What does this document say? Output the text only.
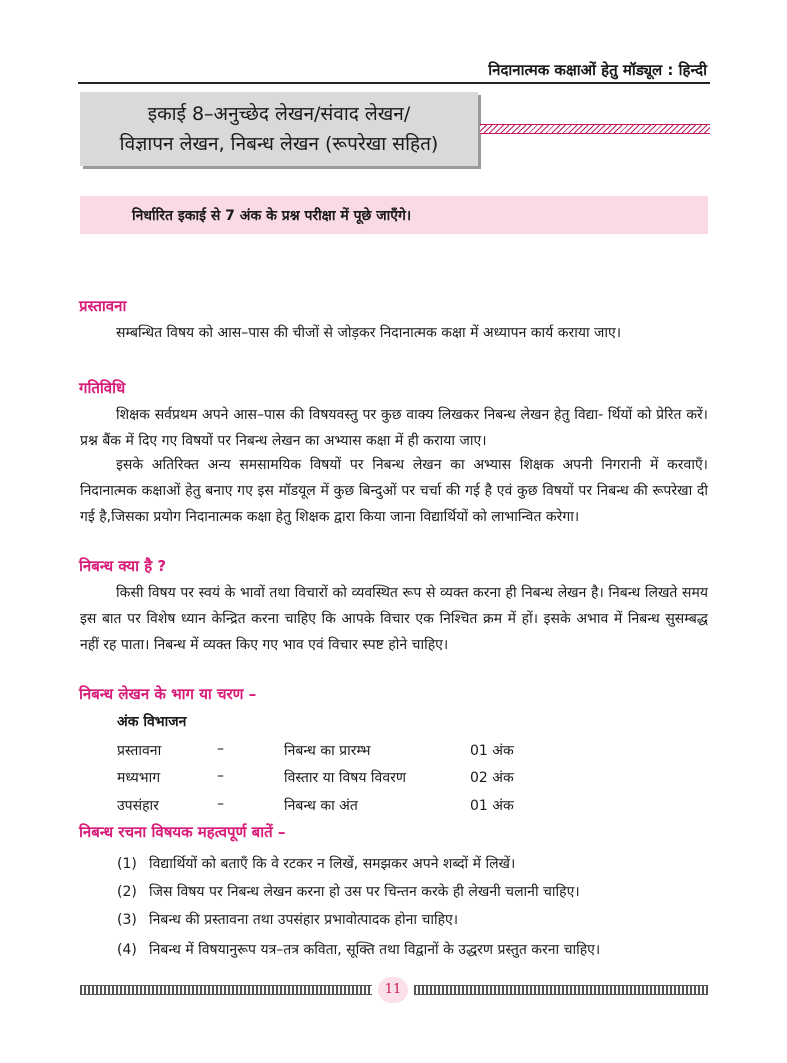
निदानात्मक कक्षाओं हेतु मॉड्यूल : हिन्दी
इकाई 8–अनुच्छेद लेखन/संवाद लेखन/
विज्ञापन लेखन, निबन्ध लेखन (रूपरेखा सहित)
निर्धारित इकाई से 7 अंक के प्रश्न परीक्षा में पूछे जाएँगे।
प्रस्तावना

सम्बन्धित विषय को आस–पास की चीजों से जोड़कर निदानात्मक कक्षा में अध्यापन कार्य कराया जाए।

गतिविधि

शिक्षक सर्वप्रथम अपने आस–पास की विषयवस्तु पर कुछ वाक्य लिखकर निबन्ध लेखन हेतु विद्या- र्थियों को प्रेरित करें। प्रश्न बैंक में दिए गए विषयों पर निबन्ध लेखन का अभ्यास कक्षा में ही कराया जाए।

इसके अतिरिक्त अन्य समसामयिक विषयों पर निबन्ध लेखन का अभ्यास शिक्षक अपनी निगरानी में करवाएँ। निदानात्मक कक्षाओं हेतु बनाए गए इस मॉडयूल में कुछ बिन्दुओं पर चर्चा की गई है एवं कुछ विषयों पर निबन्ध की रूपरेखा दी गई है,जिसका प्रयोग निदानात्मक कक्षा हेतु शिक्षक द्वारा किया जाना विद्यार्थियों को लाभान्वित करेगा।

निबन्ध क्या है ?

किसी विषय पर स्वयं के भावों तथा विचारों को व्यवस्थित रूप से व्यक्त करना ही निबन्ध लेखन है। निबन्ध लिखते समय इस बात पर विशेष ध्यान केन्द्रित करना चाहिए कि आपके विचार एक निश्चित क्रम में हों। इसके अभाव में निबन्ध सुसम्बद्ध नहीं रह पाता। निबन्ध में व्यक्त किए गए भाव एवं विचार स्पष्ट होने चाहिए।

निबन्ध लेखन के भाग या चरण –
अंक विभाजन
प्रस्तावना	–	निबन्ध का प्रारम्भ	01 अंक
मध्यभाग	–	विस्तार या विषय विवरण	02 अंक
उपसंहार	–	निबन्ध का अंत	01 अंक
निबन्ध रचना विषयक महत्वपूर्ण बातें –
(1) विद्यार्थियों को बताएँ कि वे रटकर न लिखें, समझकर अपने शब्दों में लिखें।
(2) जिस विषय पर निबन्ध लेखन करना हो उस पर चिन्तन करके ही लेखनी चलानी चाहिए।
(3) निबन्ध की प्रस्तावना तथा उपसंहार प्रभावोत्पादक होना चाहिए।
(4) निबन्ध में विषयानुरूप यत्र–तत्र कविता, सूक्ति तथा विद्वानों के उद्धरण प्रस्तुत करना चाहिए।
11
